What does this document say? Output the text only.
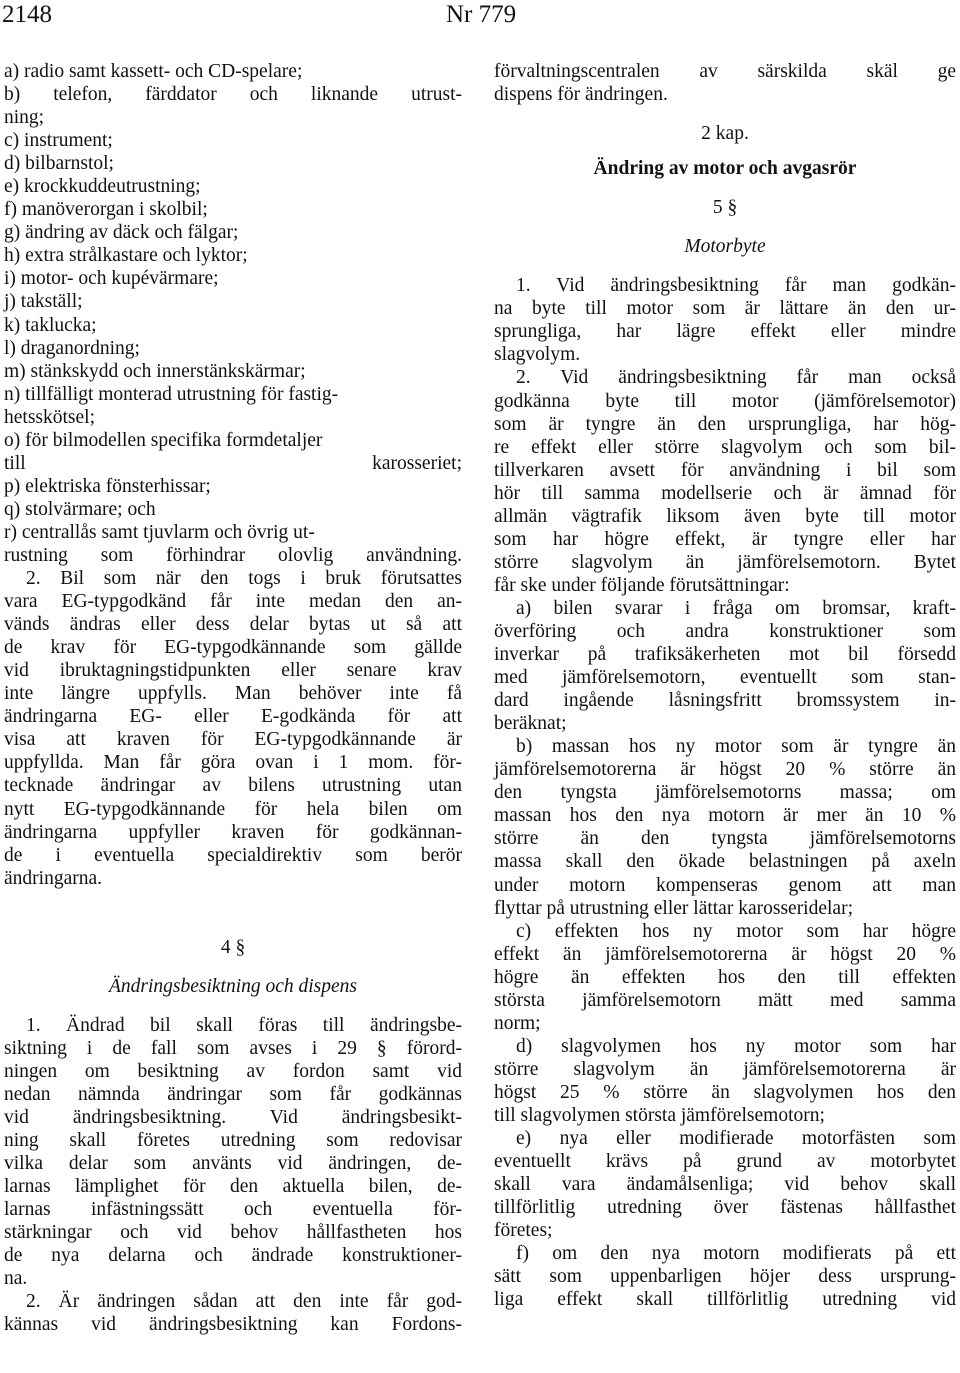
2148	Nr 779

a) radio samt kassett- och CD-spelare;

b) telefon, färddator och liknande utrust-

ning;

c) instrument;

d) bilbarnstol;

e) krockkuddeutrustning;

f) manöverorgan i skolbil;

g) ändring av däck och fälgar;

h) extra strålkastare och lyktor;

i) motor- och kupévärmare;

j) takställ;

k) taklucka;

l) draganordning;

m) stänkskydd och innerstänkskärmar;

n) tillfälligt monterad utrustning för fastig-

hetsskötsel;

o) för bilmodellen specifika formdetaljer

till karosseriet;

p) elektriska fönsterhissar;

q) stolvärmare; och

r) centrallås samt tjuvlarm och övrig ut-

rustning som förhindrar olovlig användning.

2. Bil som när den togs i bruk förutsattes

vara EG-typgodkänd får inte medan den an-

vänds ändras eller dess delar bytas ut så att

de krav för EG-typgodkännande som gällde

vid ibruktagningstidpunkten eller senare krav

inte längre uppfylls. Man behöver inte få

ändringarna EG- eller E-godkända för att

visa att kraven för EG-typgodkännande är

uppfyllda. Man får göra ovan i 1 mom. för-

tecknade ändringar av bilens utrustning utan

nytt EG-typgodkännande för hela bilen om

ändringarna uppfyller kraven för godkännan-

de i eventuella specialdirektiv som berör

ändringarna.

4 §

Ändringsbesiktning och dispens

1. Ändrad bil skall föras till ändringsbe-

siktning i de fall som avses i 29 § förord-

ningen om besiktning av fordon samt vid

nedan nämnda ändringar som får godkännas

vid ändringsbesiktning. Vid ändringsbesikt-

ning skall företes utredning som redovisar

vilka delar som använts vid ändringen, de-

larnas lämplighet för den aktuella bilen, de-

larnas infästningssätt och eventuella för-

stärkningar och vid behov hållfastheten hos

de nya delarna och ändrade konstruktioner-

na.

2. Är ändringen sådan att den inte får god-

kännas vid ändringsbesiktning kan Fordons-

förvaltningscentralen av särskilda skäl ge

dispens för ändringen.

2 kap.

Ändring av motor och avgasrör

5 §

Motorbyte

1. Vid ändringsbesiktning får man godkän-

na byte till motor som är lättare än den ur-

sprungliga, har lägre effekt eller mindre

slagvolym.

2. Vid ändringsbesiktning får man också

godkänna byte till motor (jämförelsemotor)

som är tyngre än den ursprungliga, har hög-

re effekt eller större slagvolym och som bil-

tillverkaren avsett för användning i bil som

hör till samma modellserie och är ämnad för

allmän vägtrafik liksom även byte till motor

som har högre effekt, är tyngre eller har

större slagvolym än jämförelsemotorn. Bytet

får ske under följande förutsättningar:

a) bilen svarar i fråga om bromsar, kraft-

överföring och andra konstruktioner som

inverkar på trafiksäkerheten mot bil försedd

med jämförelsemotorn, eventuellt som stan-

dard ingående låsningsfritt bromssystem in-

beräknat;

b) massan hos ny motor som är tyngre än

jämförelsemotorerna är högst 20 % större än

den tyngsta jämförelsemotorns massa; om

massan hos den nya motorn är mer än 10 %

större än den tyngsta jämförelsemotorns

massa skall den ökade belastningen på axeln

under motorn kompenseras genom att man

flyttar på utrustning eller lättar karosseridelar;

c) effekten hos ny motor som har högre

effekt än jämförelsemotorerna är högst 20 %

högre än effekten hos den till effekten

största jämförelsemotorn mätt med samma

norm;

d) slagvolymen hos ny motor som har

större slagvolym än jämförelsemotorerna är

högst 25 % större än slagvolymen hos den

till slagvolymen största jämförelsemotorn;

e) nya eller modifierade motorfästen som

eventuellt krävs på grund av motorbytet

skall vara ändamålsenliga; vid behov skall

tillförlitlig utredning över fästenas hållfasthet

företes;

f) om den nya motorn modifierats på ett

sätt som uppenbarligen höjer dess ursprung-

liga effekt skall tillförlitlig utredning vid
